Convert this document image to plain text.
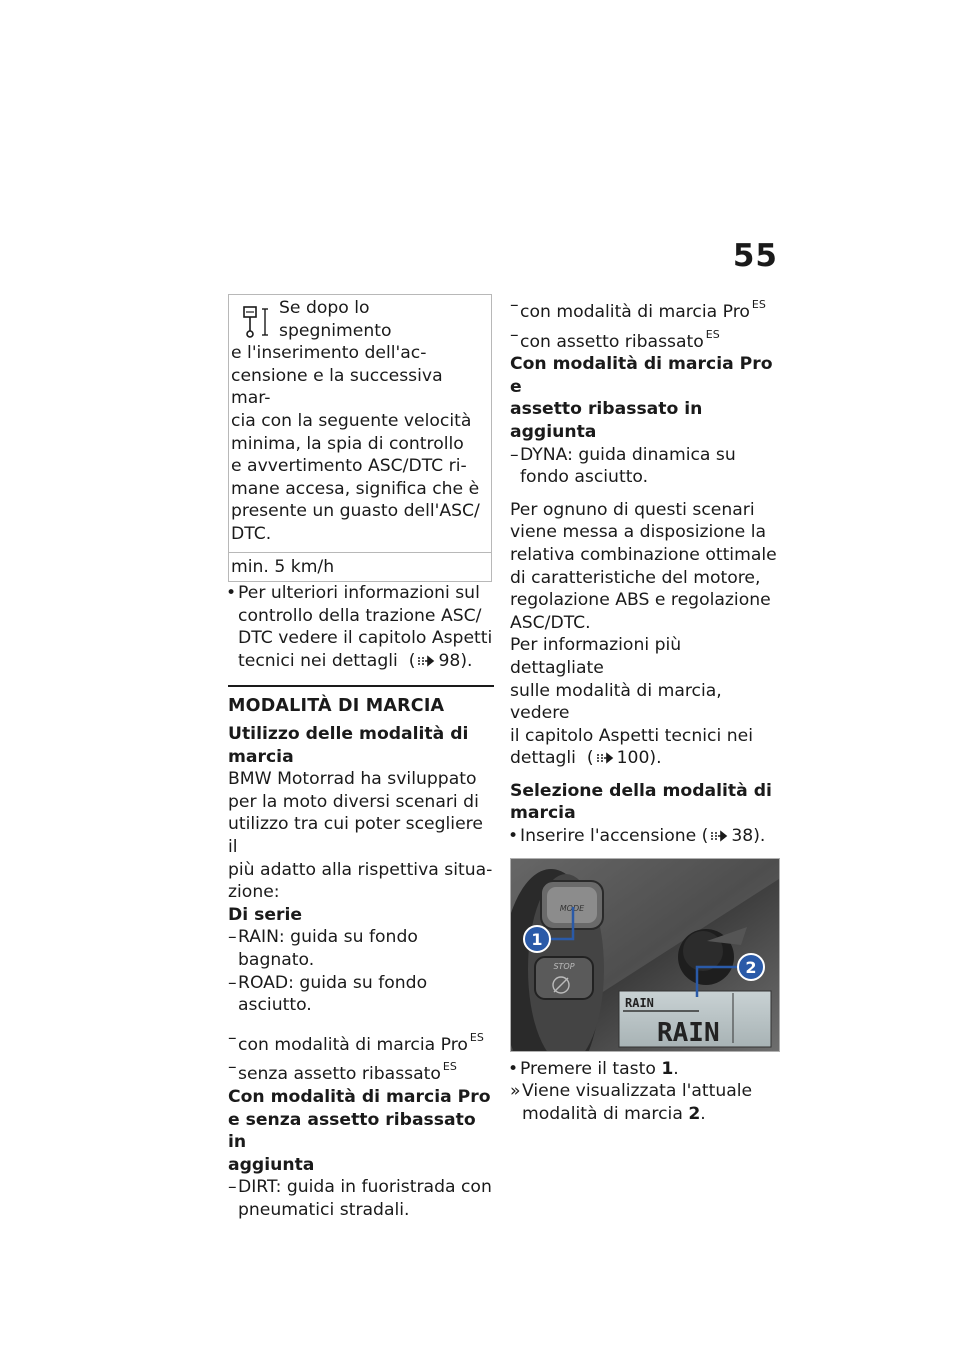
55
Se dopo lo spegnimento
e l'inserimento dell'ac-
censione e la successiva mar-
cia con la seguente velocità
minima, la spia di controllo
e avvertimento ASC/DTC ri-
mane accesa, significa che è
presente un guasto dell'ASC/
DTC.
min. 5 km/h
• Per ulteriori informazioni sul
controllo della trazione ASC/
DTC vedere il capitolo Aspetti
tecnici nei dettagli ( 98).
MODALITÀ DI MARCIA
Utilizzo delle modalità di
marcia
BMW Motorrad ha sviluppato
per la moto diversi scenari di
utilizzo tra cui poter scegliere il
più adatto alla rispettiva situa-
zione:
Di serie
– RAIN: guida su fondo bagnato.
– ROAD: guida su fondo
asciutto.
– con modalità di marcia Pro $^{ES}$
– senza assetto ribassato $^{ES}$
Con modalità di marcia Pro
e senza assetto ribassato in
aggiunta
– DIRT: guida in fuoristrada con
pneumatici stradali.
– con modalità di marcia Pro $^{ES}$
– con assetto ribassato $^{ES}$
Con modalità di marcia Pro e
assetto ribassato in aggiunta
– DYNA: guida dinamica su
fondo asciutto.
Per ognuno di questi scenari
viene messa a disposizione la
relativa combinazione ottimale
di caratteristiche del motore,
regolazione ABS e regolazione
ASC/DTC.
Per informazioni più dettagliate
sulle modalità di marcia, vedere
il capitolo Aspetti tecnici nei
dettagli ( 100).
Selezione della modalità di
marcia
• Inserire l'accensione ( 38).
MODE
STOP
RAIN
RAIN
1
2
• Premere il tasto 1.
» Viene visualizzata l'attuale
modalità di marcia 2.
